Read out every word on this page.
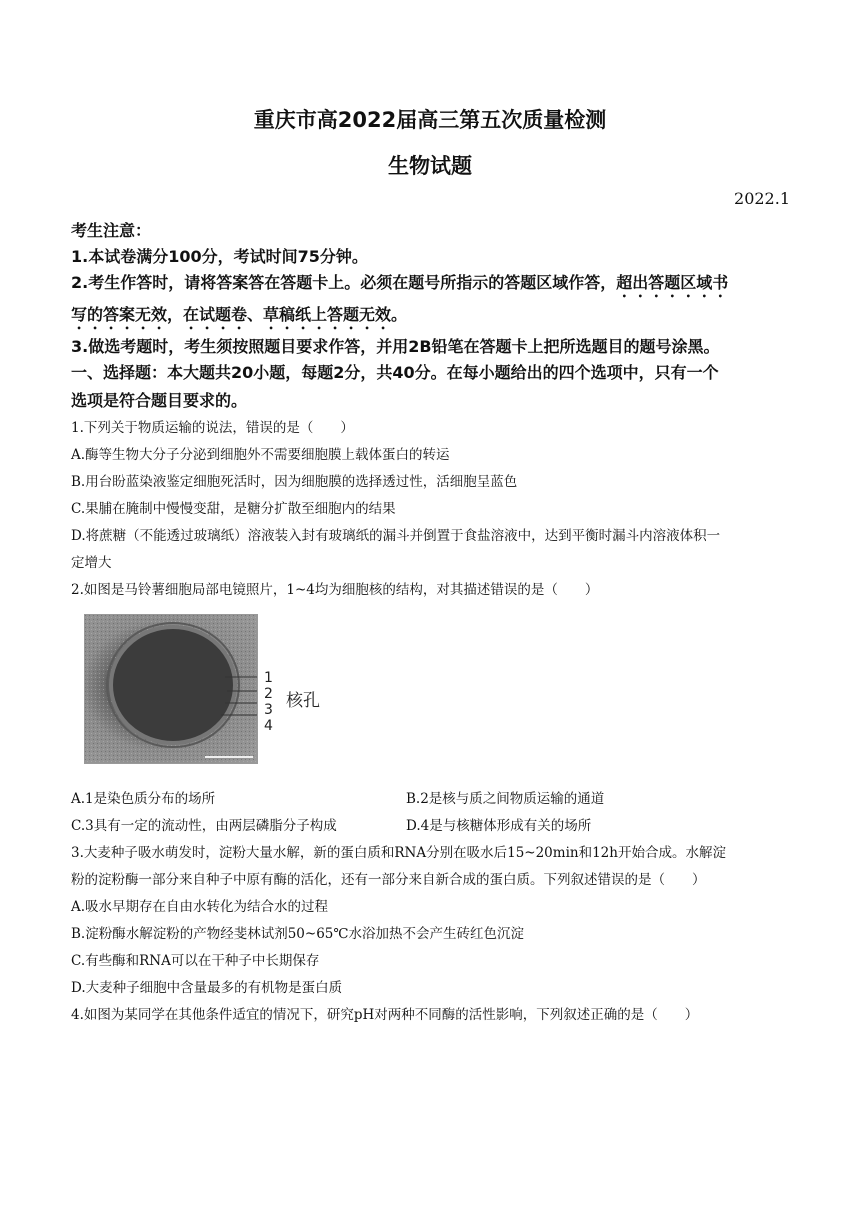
重庆市高2022届高三第五次质量检测
生物试题
2022.1
考生注意：
1.本试卷满分100分，考试时间75分钟。
2.考生作答时，请将答案答在答题卡上。必须在题号所指示的答题区域作答，超出答题区域书
写的答案无效，在试题卷、草稿纸上答题无效。
3.做选考题时，考生须按照题目要求作答，并用2B铅笔在答题卡上把所选题目的题号涂黑。
一、选择题：本大题共20小题，每题2分，共40分。在每小题给出的四个选项中，只有一个
选项是符合题目要求的。
1.下列关于物质运输的说法，错误的是（　　）
A.酶等生物大分子分泌到细胞外不需要细胞膜上载体蛋白的转运
B.用台盼蓝染液鉴定细胞死活时，因为细胞膜的选择透过性，活细胞呈蓝色
C.果脯在腌制中慢慢变甜，是糖分扩散至细胞内的结果
D.将蔗糖（不能透过玻璃纸）溶液装入封有玻璃纸的漏斗并倒置于食盐溶液中，达到平衡时漏斗内溶液体积一
定增大
2.如图是马铃薯细胞局部电镜照片，1~4均为细胞核的结构，对其描述错误的是（　　）
1
2
3
4
核孔
A.1是染色质分布的场所	B.2是核与质之间物质运输的通道
C.3具有一定的流动性，由两层磷脂分子构成	D.4是与核糖体形成有关的场所
3.大麦种子吸水萌发时，淀粉大量水解，新的蛋白质和RNA分别在吸水后15~20min和12h开始合成。水解淀
粉的淀粉酶一部分来自种子中原有酶的活化，还有一部分来自新合成的蛋白质。下列叙述错误的是（　　）
A.吸水早期存在自由水转化为结合水的过程
B.淀粉酶水解淀粉的产物经斐林试剂50~65℃水浴加热不会产生砖红色沉淀
C.有些酶和RNA可以在干种子中长期保存
D.大麦种子细胞中含量最多的有机物是蛋白质
4.如图为某同学在其他条件适宜的情况下，研究pH对两种不同酶的活性影响，下列叙述正确的是（　　）
